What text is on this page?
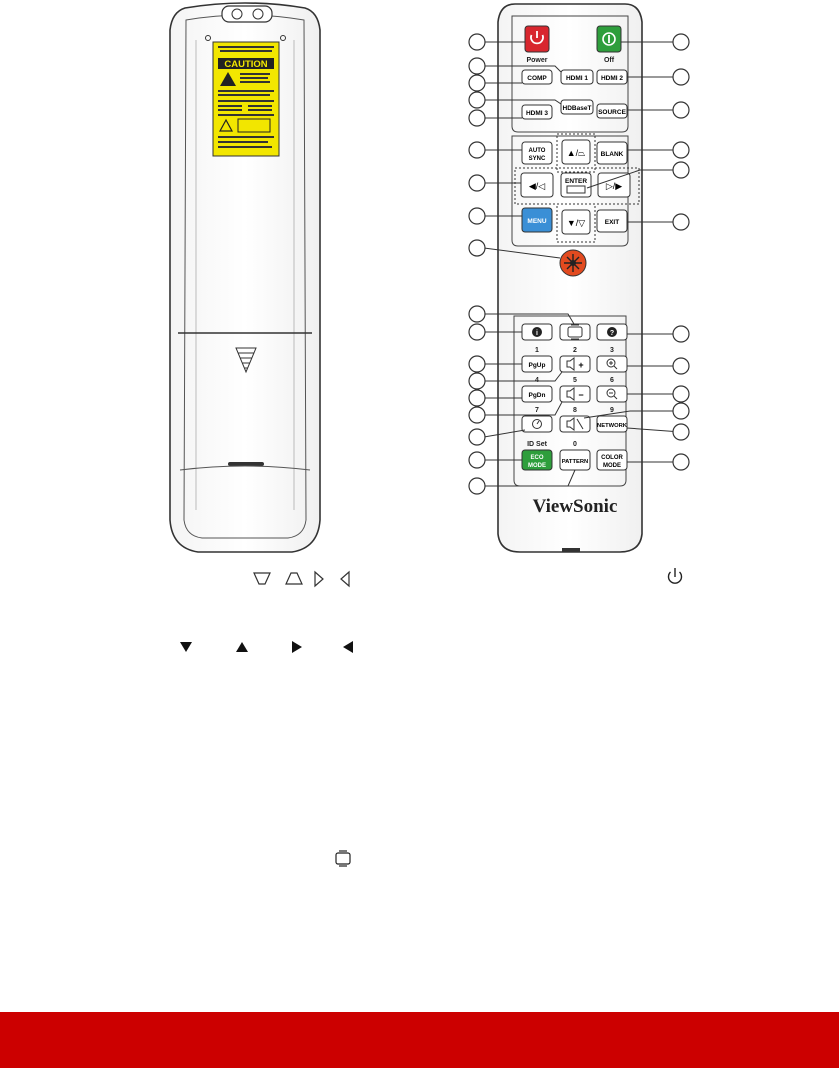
CAUTION	Power	Off
HDMI 1
COMP	HDMI 2
HDBaseT
HDMI 3	SOURCE
AUTO
SYNC
▲/⏢ BLANK
◀/◁	ENTER ▷/▶
MENU ▼/▽	EXIT
i	?
1	2	3
4	5	6
7	8	9
ID Set	0
PgUp	+
PgDn	−
NETWORK
ECO
MODE
PATTERN
COLOR
MODE
ViewSonic
